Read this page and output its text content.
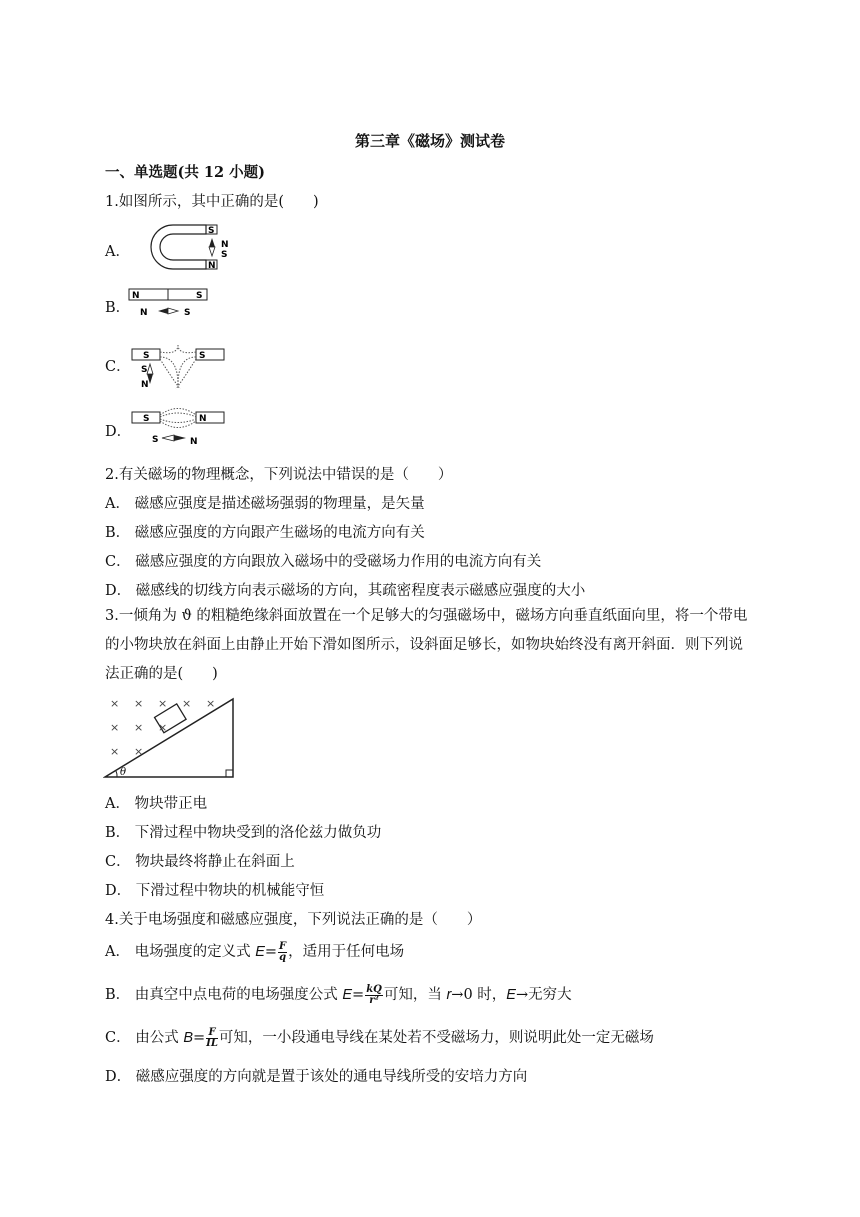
第三章《磁场》测试卷
一、单选题(共 12 小题)
1.如图所示，其中正确的是(　　)
A．
S
N
N
S
B．
N	S
N	S
C．
S	S
S
N
D．
S	N
S	N
2.有关磁场的物理概念，下列说法中错误的是（　　）
A． 磁感应强度是描述磁场强弱的物理量，是矢量
B． 磁感应强度的方向跟产生磁场的电流方向有关
C． 磁感应强度的方向跟放入磁场中的受磁场力作用的电流方向有关
D． 磁感线的切线方向表示磁场的方向，其疏密程度表示磁感应强度的大小
3.一倾角为 ϑ 的粗糙绝缘斜面放置在一个足够大的匀强磁场中，磁场方向垂直纸面向里，将一个带电的小物块放在斜面上由静止开始下滑如图所示，设斜面足够长，如物块始终没有离开斜面．则下列说法正确的是(　　)
θ
× × × × ×
× × ×
× ×
A． 物块带正电
B． 下滑过程中物块受到的洛伦兹力做负功
C． 物块最终将静止在斜面上
D． 下滑过程中物块的机械能守恒
4.关于电场强度和磁感应强度，下列说法正确的是（　　）
A． 电场强度的定义式 $E= \frac{F}{q}$ ，适用于任何电场
B． 由真空中点电荷的电场强度公式 $E= \frac{kQ}{\text{r²}}$ 可知，当 r→0 时，E→无穷大
C． 由公式 $B= \frac{F}{IL}$ 可知，一小段通电导线在某处若不受磁场力，则说明此处一定无磁场
D． 磁感应强度的方向就是置于该处的通电导线所受的安培力方向
